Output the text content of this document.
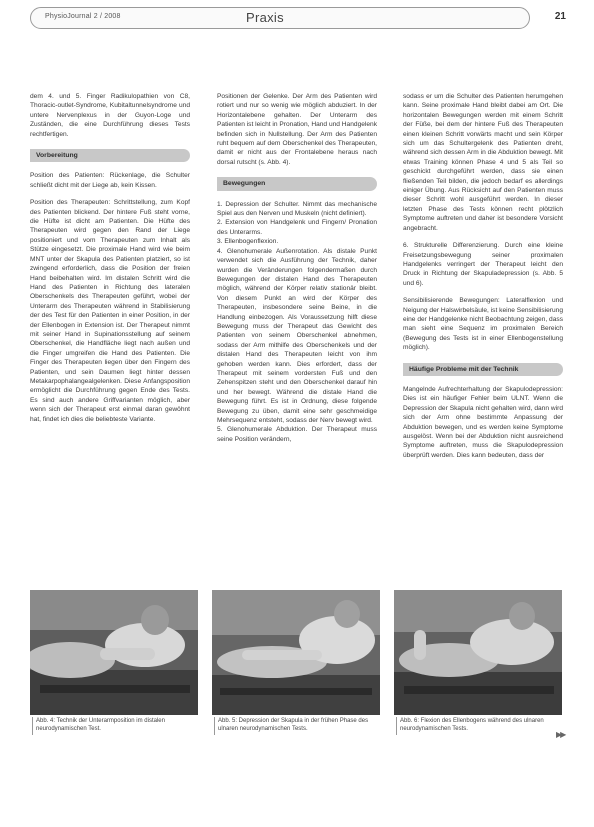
PhysioJournal 2 / 2008	Praxis	21

dem 4. und 5. Finger Radikulopathien von C8, Thoracic-outlet-Syndrome, Kubitaltunnelsyndrome und untere Nervenplexus in der Guyon-Loge und Zuständen, die eine Durchführung dieses Tests rechtfertigen.

Vorbereitung

Position des Patienten: Rückenlage, die Schulter schließt dicht mit der Liege ab, kein Kissen.

Position des Therapeuten: Schrittstellung, zum Kopf des Patienten blickend. Der hintere Fuß steht vorne, die Hüfte ist dicht am Patienten. Die Hüfte des Therapeuten wird gegen den Rand der Liege positioniert und vom Therapeuten zum Inhalt als Stütze eingesetzt. Die proximale Hand wird wie beim MNT unter der Skapula des Patienten platziert, so ist zwingend erforderlich, dass die Position der freien Hand beibehalten wird. Im distalen Schritt wird die Hand des Patienten in Richtung des lateralen Oberschenkels des Therapeuten geführt, wobei der Unterarm des Therapeuten während in Stabilisierung der des Test für den Patienten in einer Position, in der der Ellenbogen in Extension ist. Der Therapeut nimmt mit seiner Hand in Supinationsstellung auf seinem Oberschenkel, die Handfläche liegt nach außen und die Finger umgreifen die Hand des Patienten. Die Finger des Therapeuten liegen über den Fingern des Patienten, und sein Daumen liegt hinter dessen Metakarpophalangealgelenken. Diese Anfangsposition ermöglicht die Durchführung gegen Ende des Tests. Es sind auch andere Griffvarianten möglich, aber wenn sich der Therapeut erst einmal daran gewöhnt hat, findet ich dies die beliebteste Variante.

Positionen der Gelenke. Der Arm des Patienten wird rotiert und nur so wenig wie möglich abduziert. In der Horizontalebene gehalten. Der Unterarm des Patienten ist leicht in Pronation, Hand und Handgelenk befinden sich in Nullstellung. Der Arm des Patienten ruht bequem auf dem Oberschenkel des Therapeuten, damit er nicht aus der Frontalebene heraus nach dorsal rutscht (s. Abb. 4).

Bewegungen
1. Depression der Schulter. Nimmt das mechanische Spiel aus den Nerven und Muskeln (nicht definiert).
2. Extension von Handgelenk und Fingern/ Pronation des Unterarms.
3. Ellenbogenflexion.
4. Glenohumerale Außenrotation. Als distale Punkt verwendet sich die Ausführung der Technik, daher wurden die Veränderungen folgendermaßen durch Bewegungen der distalen Hand des Therapeuten möglich, während der Körper relativ stationär bleibt. Von diesem Punkt an wird der Körper des Therapeuten, insbesondere seine Beine, in die Handlung einbezogen. Als Voraussetzung hilft diese Bewegung muss der Therapeut das Gewicht des Patienten von seinem Oberschenkel abnehmen, sodass der Arm mithilfe des Oberschenkels und der distalen Hand des Therapeuten leicht von ihm gehoben werden kann. Dies erfordert, dass der Therapeut mit seinem vordersten Fuß und den Zehenspitzen steht und den Oberschenkel darauf hin und her bewegt. Während die distale Hand die Bewegung führt. Es ist in Ordnung, diese folgende Bewegung zu üben, damit eine sehr geschmeidige Mehrsequenz entsteht, sodass der Nerv bewegt wird.
5. Glenohumerale Abduktion. Der Therapeut muss seine Position verändern,

sodass er um die Schulter des Patienten herumgehen kann. Seine proximale Hand bleibt dabei am Ort. Die horizontalen Bewegungen werden mit einem Schritt der Füße, bei dem der hintere Fuß des Therapeuten einen kleinen Schritt vorwärts macht und sein Körper sich um das Schultergelenk des Patienten dreht, während sich dessen Arm in die Abduktion bewegt. Mit etwas Training können Phase 4 und 5 als Teil so geschickt durchgeführt werden, dass sie einen fließenden Teil bilden, die jedoch bedarf es allerdings einiger Übung. Aus Rücksicht auf den Patienten muss dieser Schritt wohl ausgeführt werden. In dieser letzten Phase des Tests können recht plötzlich Symptome auftreten und daher ist besondere Vorsicht angebracht.

6. Strukturelle Differenzierung. Durch eine kleine Freisetzungsbewegung seiner proximalen Handgelenks verringert der Therapeut leicht den Druck in Richtung der Skapuladepression (s. Abb. 5 und 6).

Sensibilisierende Bewegungen: Lateralflexion und Neigung der Halswirbelsäule, ist keine Sensibilisierung eine der Handgelenke nicht Beobachtung zeigen, dass man sieht eine Sequenz im proximalen Bereich (Bewegung des Tests ist in einer Ellenbogenstellung möglich).

Häufige Probleme mit der Technik

Mangelnde Aufrechterhaltung der Skapulodepression: Dies ist ein häufiger Fehler beim ULNT. Wenn die Depression der Skapula nicht gehalten wird, dann wird sich der Arm ohne bestimmte Anpassung der Abduktion bewegen, und es werden keine Symptome ausgelöst. Wenn bei der Abduktion nicht ausreichend Symptome auftreten, muss die Skapulodepression überprüft werden. Dies kann bedeuten, dass der

Abb. 4: Technik der Unterarmposition im distalen neurodynamischen Test.
Abb. 5: Depression der Skapula in der frühen Phase des ulnaren neurodynamischen Tests.
Abb. 6: Flexion des Ellenbogens während des ulnaren neurodynamischen Tests.
▶▶
